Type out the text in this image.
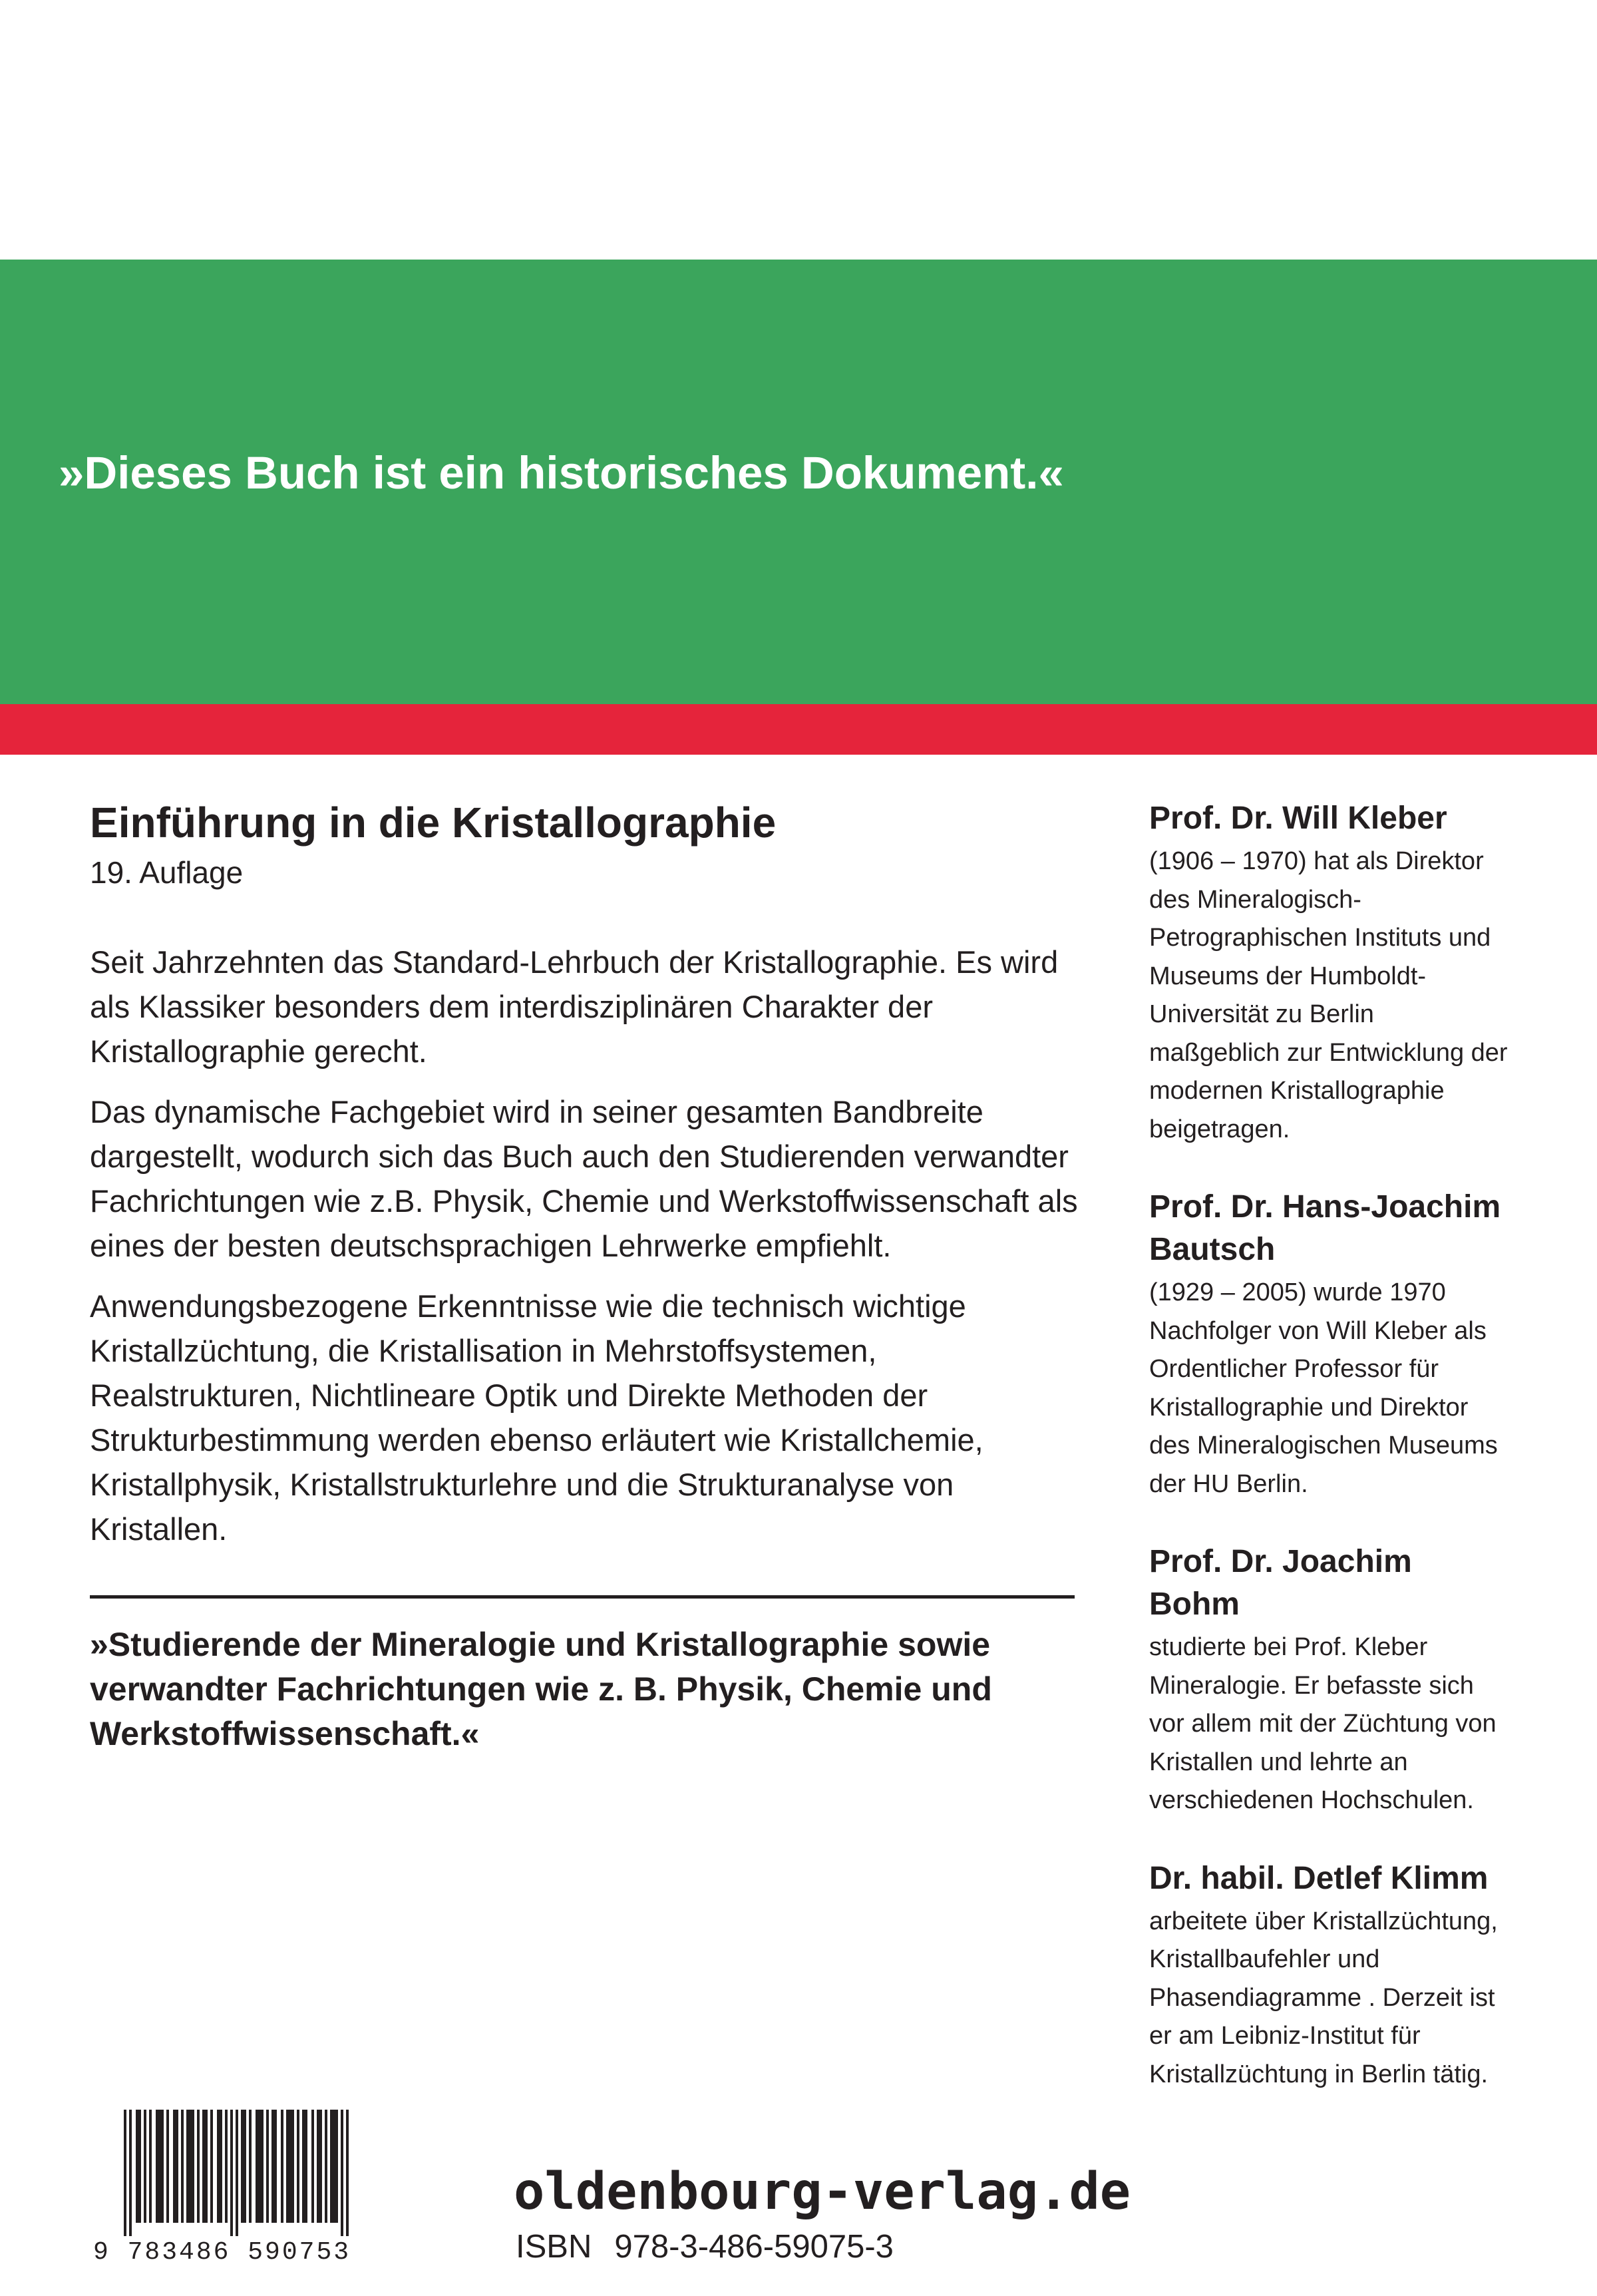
»Dieses Buch ist ein historisches Dokument.«

Einführung in die Kristallographie

19. Auflage

Seit Jahrzehnten das Standard-Lehrbuch der Kristallographie. Es wird als Klassiker besonders dem interdisziplinären Charakter der Kristallographie gerecht.

Das dynamische Fachgebiet wird in seiner gesamten Bandbreite dargestellt, wodurch sich das Buch auch den Studierenden verwandter Fachrichtungen wie z.B. Physik, Chemie und Werkstoffwissenschaft als eines der besten deutschsprachigen Lehrwerke empfiehlt.

Anwendungsbezogene Erkenntnisse wie die technisch wichtige Kristallzüchtung, die Kristallisation in Mehrstoffsystemen, Realstrukturen, Nichtlineare Optik und Direkte Methoden der Strukturbestimmung werden ebenso erläutert wie Kristallchemie, Kristallphysik, Kristallstrukturlehre und die Strukturanalyse von Kristallen.

»Studierende der Mineralogie und Kristallographie sowie verwandter Fachrichtungen wie z. B. Physik, Chemie und Werkstoffwissenschaft.«

Prof. Dr. Will Kleber

(1906 – 1970) hat als Direktor des Mineralogisch-Petrographischen Instituts und Museums der Humboldt-Universität zu Berlin maßgeblich zur Entwicklung der modernen Kristallographie beigetragen.

Prof. Dr. Hans-Joachim Bautsch

(1929 – 2005) wurde 1970 Nachfolger von Will Kleber als Ordentlicher Professor für Kristallographie und Direktor des Mineralogischen Museums der HU Berlin.

Prof. Dr. Joachim Bohm

studierte bei Prof. Kleber Mineralogie. Er befasste sich vor allem mit der Züchtung von Kristallen und lehrte an verschiedenen Hochschulen.

Dr. habil. Detlef Klimm

arbeitete über Kristallzüchtung, Kristallbaufehler und Phasendiagramme . Derzeit ist er am Leibniz-Institut für Kristallzüchtung in Berlin tätig.

9 783486 590753

oldenbourg-verlag.de

ISBN 978-3-486-59075-3
